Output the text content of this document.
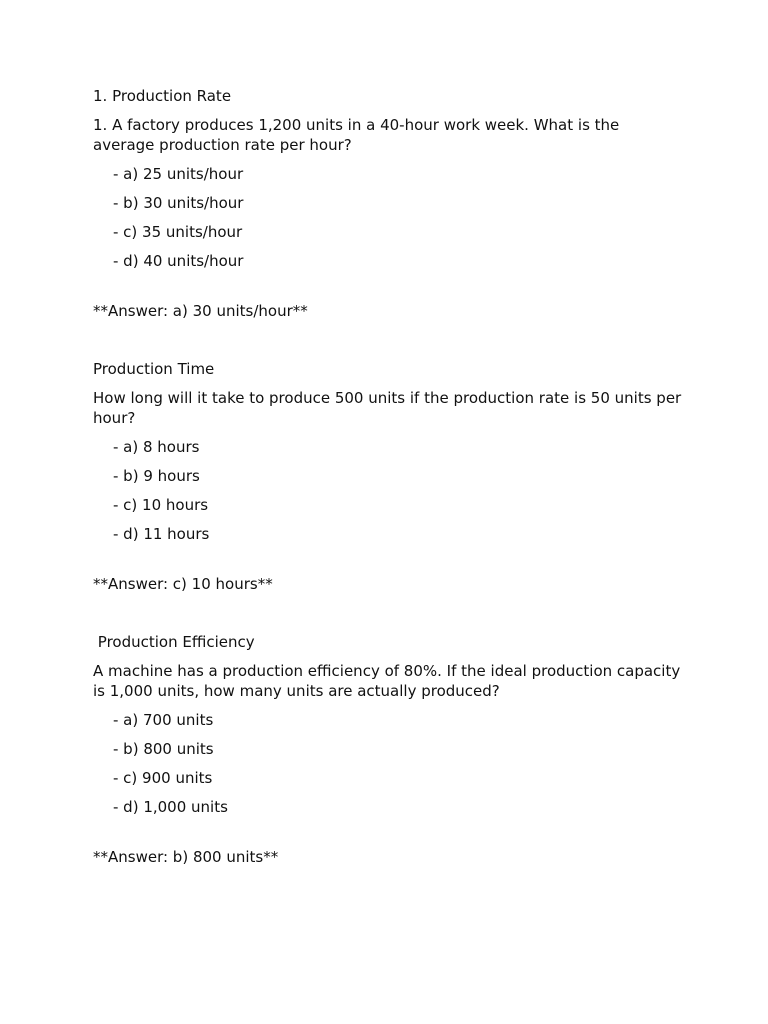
1. Production Rate
1. A factory produces 1,200 units in a 40-hour work week. What is the average production rate per hour?
- a) 25 units/hour
- b) 30 units/hour
- c) 35 units/hour
- d) 40 units/hour
**Answer: a) 30 units/hour**
Production Time
How long will it take to produce 500 units if the production rate is 50 units per hour?
- a) 8 hours
- b) 9 hours
- c) 10 hours
- d) 11 hours
**Answer: c) 10 hours**
Production Efficiency
A machine has a production efficiency of 80%. If the ideal production capacity is 1,000 units, how many units are actually produced?
- a) 700 units
- b) 800 units
- c) 900 units
- d) 1,000 units
**Answer: b) 800 units**
